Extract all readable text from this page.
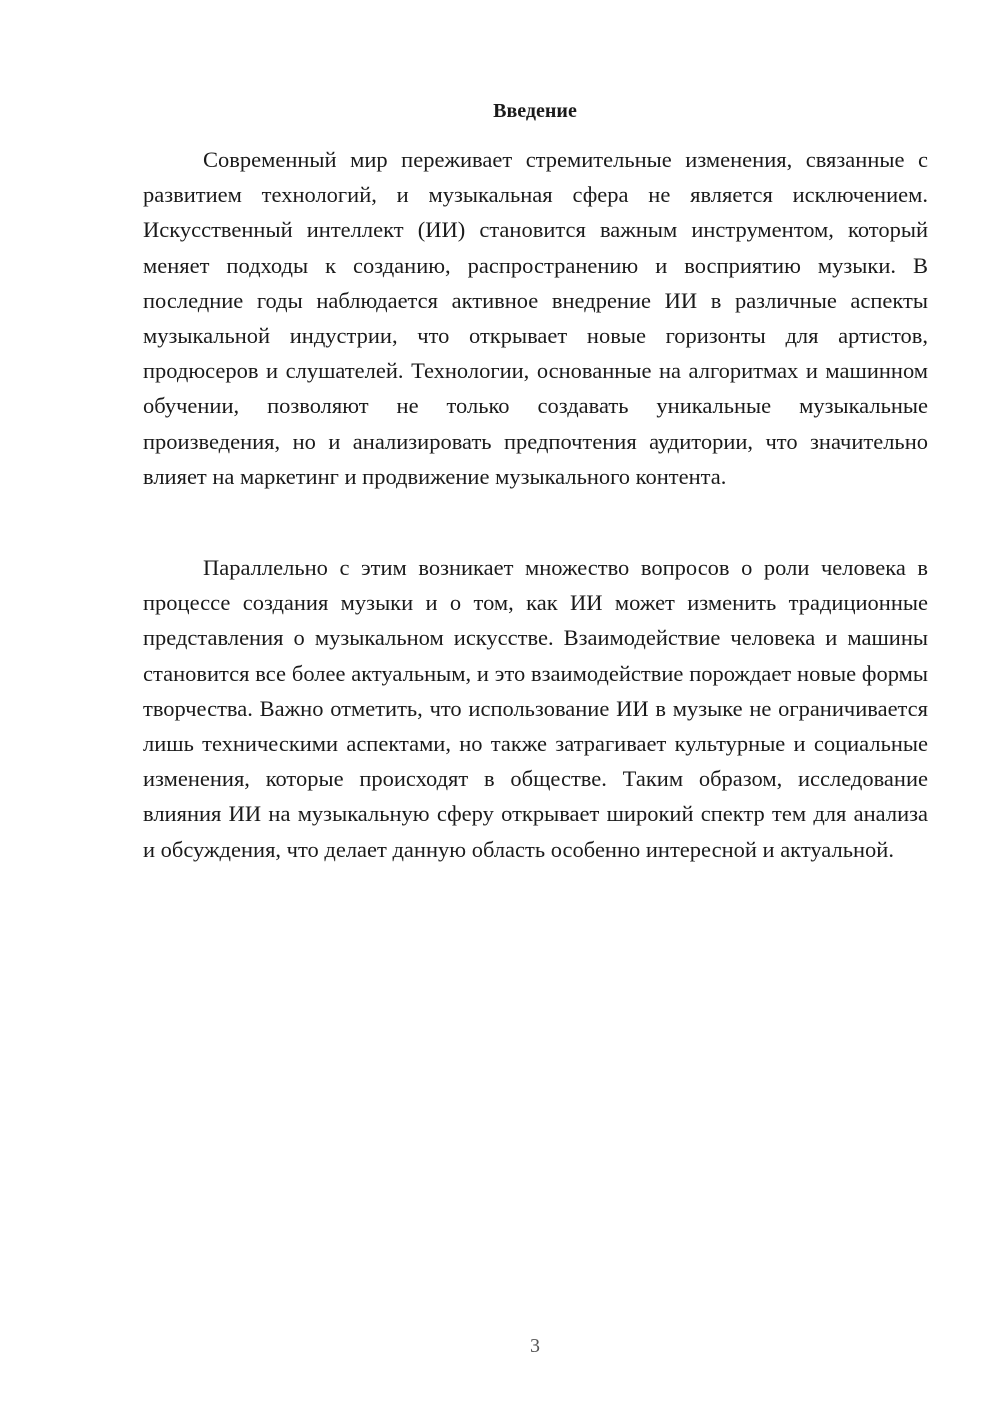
Введение

Современный мир переживает стремительные изменения, связанные с развитием технологий, и музыкальная сфера не является исключением. Искусственный интеллект (ИИ) становится важным инструментом, который меняет подходы к созданию, распространению и восприятию музыки. В последние годы наблюдается активное внедрение ИИ в различные аспекты музыкальной индустрии, что открывает новые горизонты для артистов, продюсеров и слушателей. Технологии, основанные на алгоритмах и машинном обучении, позволяют не только создавать уникальные музыкальные произведения, но и анализировать предпочтения аудитории, что значительно влияет на маркетинг и продвижение музыкального контента.

Параллельно с этим возникает множество вопросов о роли человека в процессе создания музыки и о том, как ИИ может изменить традиционные представления о музыкальном искусстве. Взаимодействие человека и машины становится все более актуальным, и это взаимодействие порождает новые формы творчества. Важно отметить, что использование ИИ в музыке не ограничивается лишь техническими аспектами, но также затрагивает культурные и социальные изменения, которые происходят в обществе. Таким образом, исследование влияния ИИ на музыкальную сферу открывает широкий спектр тем для анализа и обсуждения, что делает данную область особенно интересной и актуальной.

3
